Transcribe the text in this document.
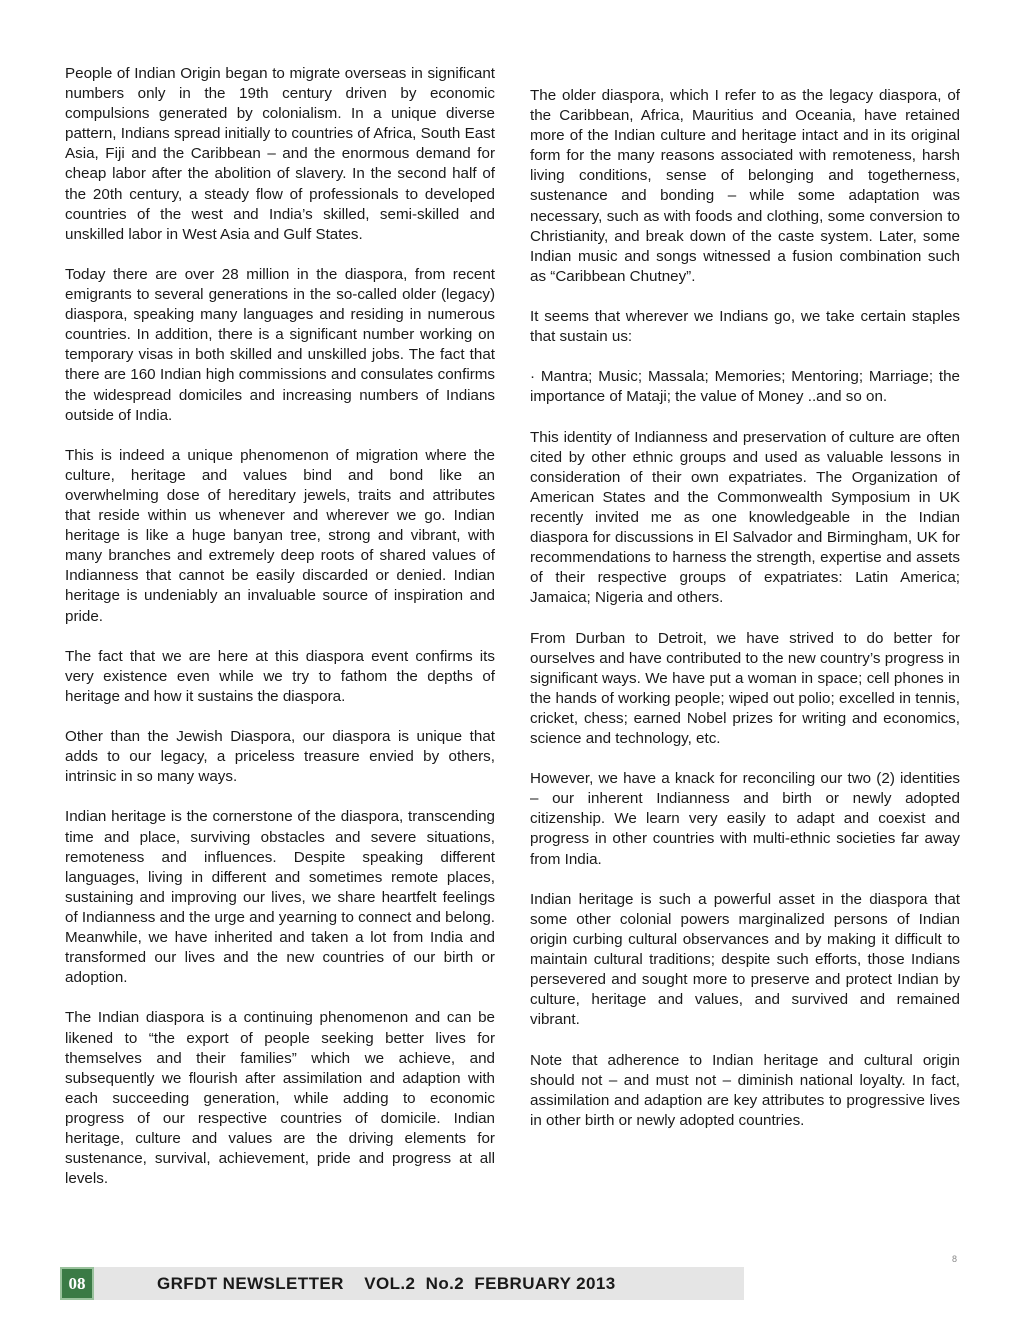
People of Indian Origin began to migrate overseas in significant numbers only in the 19th century driven by economic compulsions generated by colonialism. In a unique diverse pattern, Indians spread initially to countries of Africa, South East Asia, Fiji and the Caribbean – and the enormous demand for cheap labor after the abolition of slavery. In the second half of the 20th century, a steady flow of professionals to developed countries of the west and India’s skilled, semi-skilled and unskilled labor in West Asia and Gulf States.

Today there are over 28 million in the diaspora, from recent emigrants to several generations in the so-called older (legacy) diaspora, speaking many languages and residing in numerous countries. In addition, there is a significant number working on temporary visas in both skilled and unskilled jobs. The fact that there are 160 Indian high commissions and consulates confirms the widespread domiciles and increasing numbers of Indians outside of India.

This is indeed a unique phenomenon of migration where the culture, heritage and values bind and bond like an overwhelming dose of hereditary jewels, traits and attributes that reside within us whenever and wherever we go. Indian heritage is like a huge banyan tree, strong and vibrant, with many branches and extremely deep roots of shared values of Indianness that cannot be easily discarded or denied. Indian heritage is undeniably an invaluable source of inspiration and pride.

The fact that we are here at this diaspora event confirms its very existence even while we try to fathom the depths of heritage and how it sustains the diaspora.

Other than the Jewish Diaspora, our diaspora is unique that adds to our legacy, a priceless treasure envied by others, intrinsic in so many ways.

Indian heritage is the cornerstone of the diaspora, transcending time and place, surviving obstacles and severe situations, remoteness and influences. Despite speaking different languages, living in different and sometimes remote places, sustaining and improving our lives, we share heartfelt feelings of Indianness and the urge and yearning to connect and belong. Meanwhile, we have inherited and taken a lot from India and transformed our lives and the new countries of our birth or adoption.

The Indian diaspora is a continuing phenomenon and can be likened to “the export of people seeking better lives for themselves and their families” which we achieve, and subsequently we flourish after assimilation and adaption with each succeeding generation, while adding to economic progress of our respective countries of domicile. Indian heritage, culture and values are the driving elements for sustenance, survival, achievement, pride and progress at all levels.

The older diaspora, which I refer to as the legacy diaspora, of the Caribbean, Africa, Mauritius and Oceania, have retained more of the Indian culture and heritage intact and in its original form for the many reasons associated with remoteness, harsh living conditions, sense of belonging and togetherness, sustenance and bonding – while some adaptation was necessary, such as with foods and clothing, some conversion to Christianity, and break down of the caste system. Later, some Indian music and songs witnessed a fusion combination such as “Caribbean Chutney”.

It seems that wherever we Indians go, we take certain staples that sustain us:

· Mantra; Music; Massala; Memories; Mentoring; Marriage; the importance of Mataji; the value of Money ..and so on.

This identity of Indianness and preservation of culture are often cited by other ethnic groups and used as valuable lessons in consideration of their own expatriates. The Organization of American States and the Commonwealth Symposium in UK recently invited me as one knowledgeable in the Indian diaspora for discussions in El Salvador and Birmingham, UK for recommendations to harness the strength, expertise and assets of their respective groups of expatriates: Latin America; Jamaica; Nigeria and others.

From Durban to Detroit, we have strived to do better for ourselves and have contributed to the new country’s progress in significant ways. We have put a woman in space; cell phones in the hands of working people; wiped out polio; excelled in tennis, cricket, chess; earned Nobel prizes for writing and economics, science and technology, etc.

However, we have a knack for reconciling our two (2) identities – our inherent Indianness and birth or newly adopted citizenship. We learn very easily to adapt and coexist and progress in other countries with multi-ethnic societies far away from India.

Indian heritage is such a powerful asset in the diaspora that some other colonial powers marginalized persons of Indian origin curbing cultural observances and by making it difficult to maintain cultural traditions; despite such efforts, those Indians persevered and sought more to preserve and protect Indian by culture, heritage and values, and survived and remained vibrant.

Note that adherence to Indian heritage and cultural origin should not – and must not – diminish national loyalty. In fact, assimilation and adaption are key attributes to progressive lives in other birth or newly adopted countries.

8
08	GRFDT NEWSLETTER    VOL.2  No.2  FEBRUARY 2013
